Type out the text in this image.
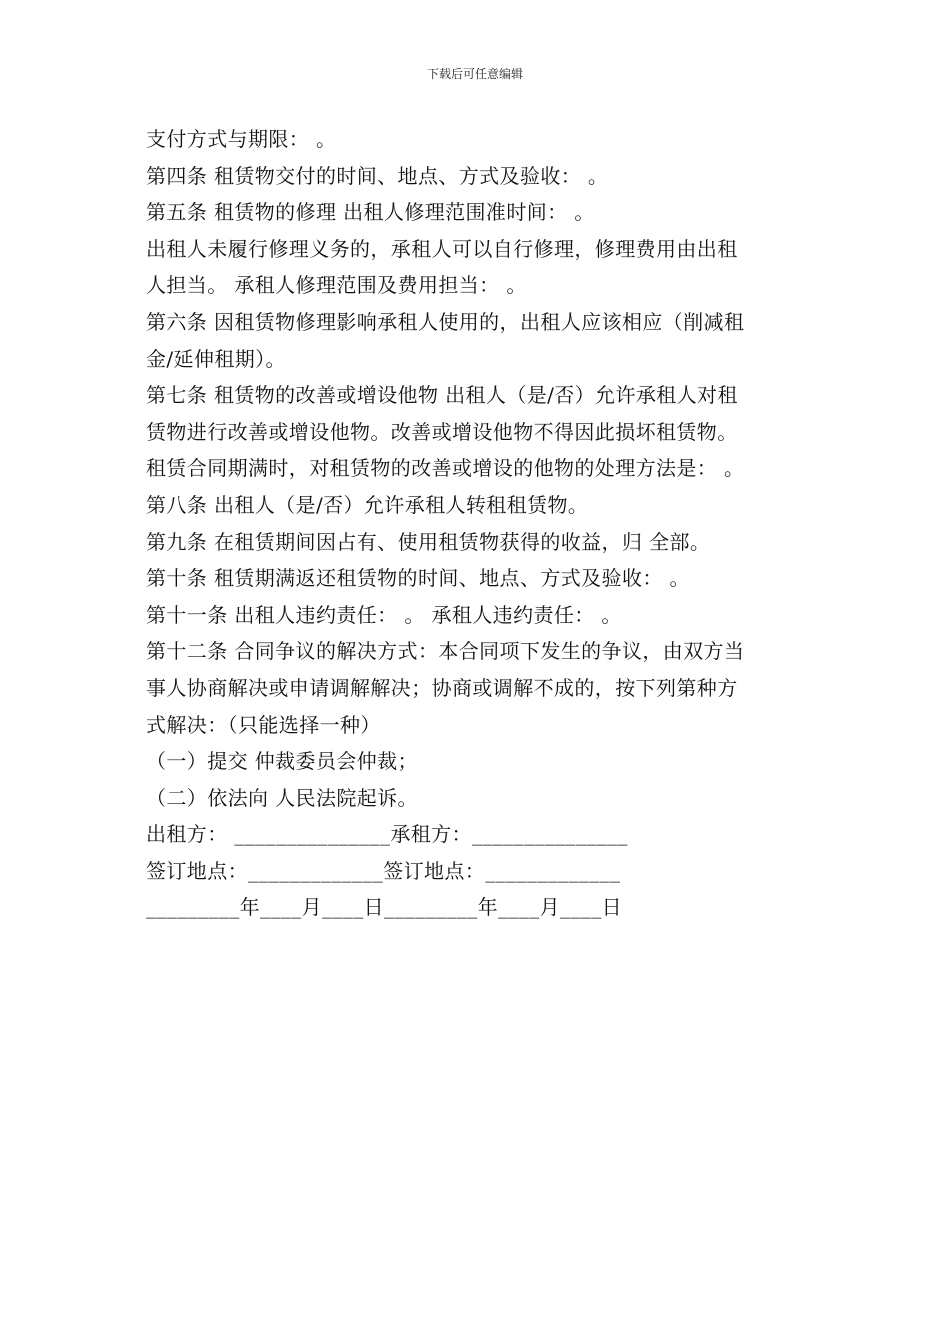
下载后可任意编辑
支付方式与期限： 。
第四条 租赁物交付的时间、地点、方式及验收： 。
第五条 租赁物的修理 出租人修理范围准时间： 。
出租人未履行修理义务的，承租人可以自行修理，修理费用由出租
人担当。 承租人修理范围及费用担当： 。
第六条 因租赁物修理影响承租人使用的，出租人应该相应（削减租
金/延伸租期）。
第七条 租赁物的改善或增设他物 出租人（是/否）允许承租人对租
赁物进行改善或增设他物。改善或增设他物不得因此损坏租赁物。
租赁合同期满时，对租赁物的改善或增设的他物的处理方法是： 。
第八条 出租人（是/否）允许承租人转租租赁物。
第九条 在租赁期间因占有、使用租赁物获得的收益，归 全部。
第十条 租赁期满返还租赁物的时间、地点、方式及验收： 。
第十一条 出租人违约责任： 。 承租人违约责任： 。
第十二条 合同争议的解决方式：本合同项下发生的争议，由双方当
事人协商解决或申请调解解决；协商或调解不成的，按下列第种方
式解决：（只能选择一种）
（一）提交 仲裁委员会仲裁；
（二）依法向 人民法院起诉。
出租方： _______________承租方：_______________
签订地点：_____________签订地点：_____________
_________年____月____日_________年____月____日
